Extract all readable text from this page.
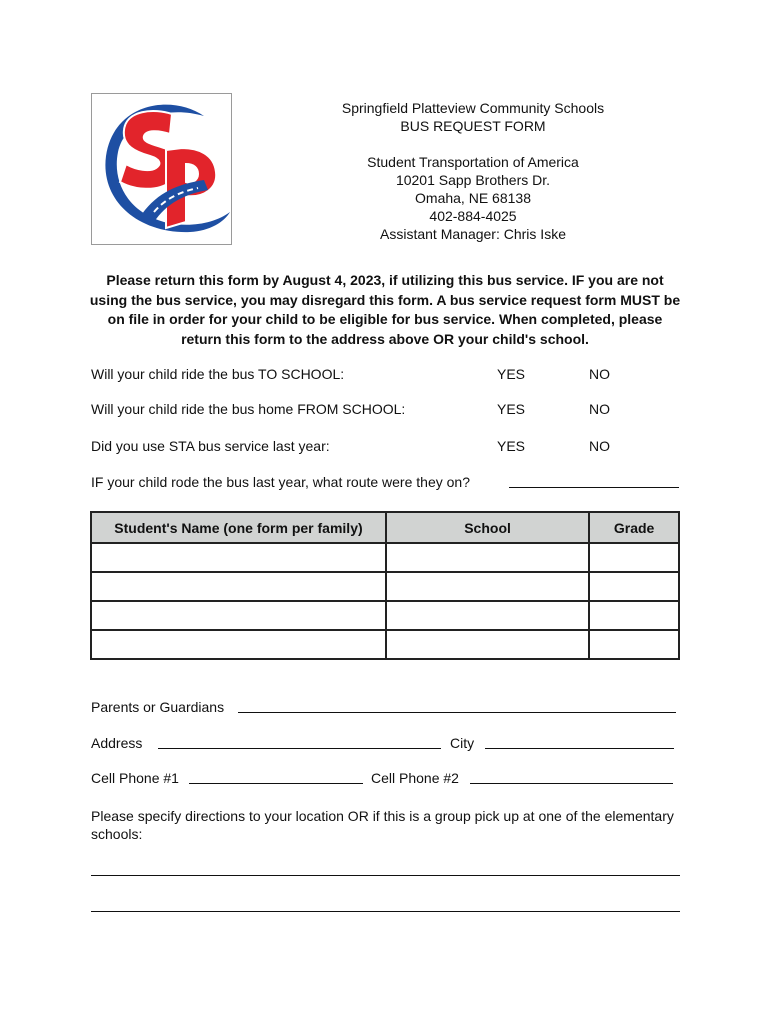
Springfield Platteview Community Schools
BUS REQUEST FORM
Student Transportation of America
10201 Sapp Brothers Dr.
Omaha, NE 68138
402-884-4025
Assistant Manager: Chris Iske
Please return this form by August 4, 2023, if utilizing this bus service. IF you are not using the bus service, you may disregard this form. A bus service request form MUST be on file in order for your child to be eligible for bus service. When completed, please return this form to the address above OR your child's school.
Will your child ride the bus TO SCHOOL:	YES	NO
Will your child ride the bus home FROM SCHOOL:	YES	NO
Did you use STA bus service last year:	YES	NO
IF your child rode the bus last year, what route were they on?
Student's Name (one form per family)	School	Grade

Parents or Guardians
Address	City
Cell Phone #1	Cell Phone #2
Please specify directions to your location OR if this is a group pick up at one of the elementary schools:
